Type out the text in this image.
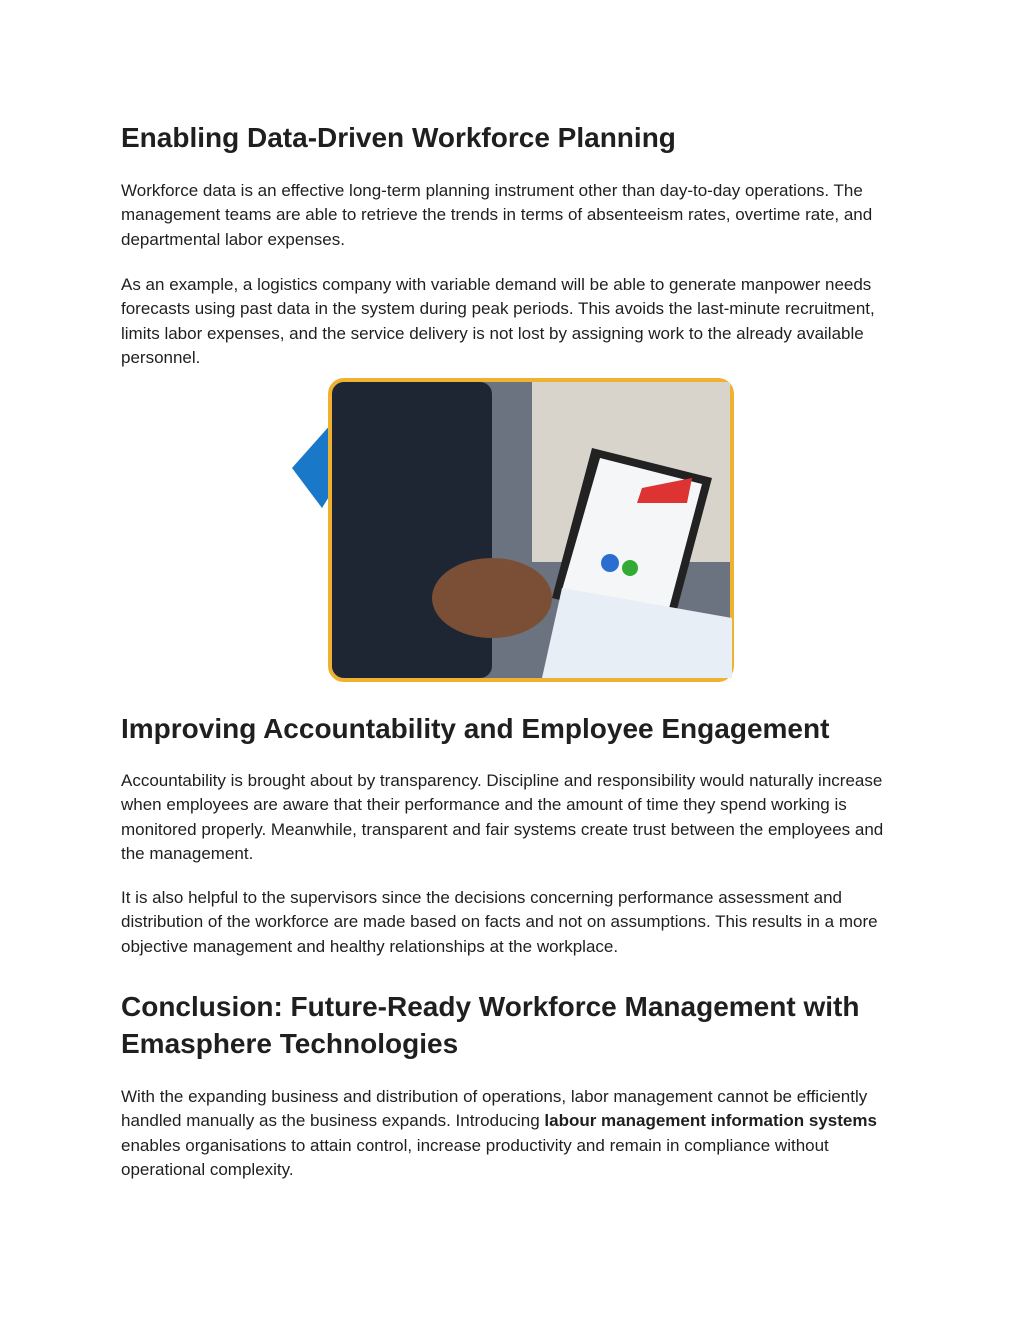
Enabling Data-Driven Workforce Planning

Workforce data is an effective long-term planning instrument other than day-to-day operations. The management teams are able to retrieve the trends in terms of absenteeism rates, overtime rate, and departmental labor expenses.

As an example, a logistics company with variable demand will be able to generate manpower needs forecasts using past data in the system during peak periods. This avoids the last-minute recruitment, limits labor expenses, and the service delivery is not lost by assigning work to the already available personnel.

Improving Accountability and Employee Engagement

Accountability is brought about by transparency. Discipline and responsibility would naturally increase when employees are aware that their performance and the amount of time they spend working is monitored properly. Meanwhile, transparent and fair systems create trust between the employees and the management.

It is also helpful to the supervisors since the decisions concerning performance assessment and distribution of the workforce are made based on facts and not on assumptions. This results in a more objective management and healthy relationships at the workplace.

Conclusion: Future-Ready Workforce Management with Emasphere Technologies

With the expanding business and distribution of operations, labor management cannot be efficiently handled manually as the business expands. Introducing labour management information systems enables organisations to attain control, increase productivity and remain in compliance without operational complexity.
